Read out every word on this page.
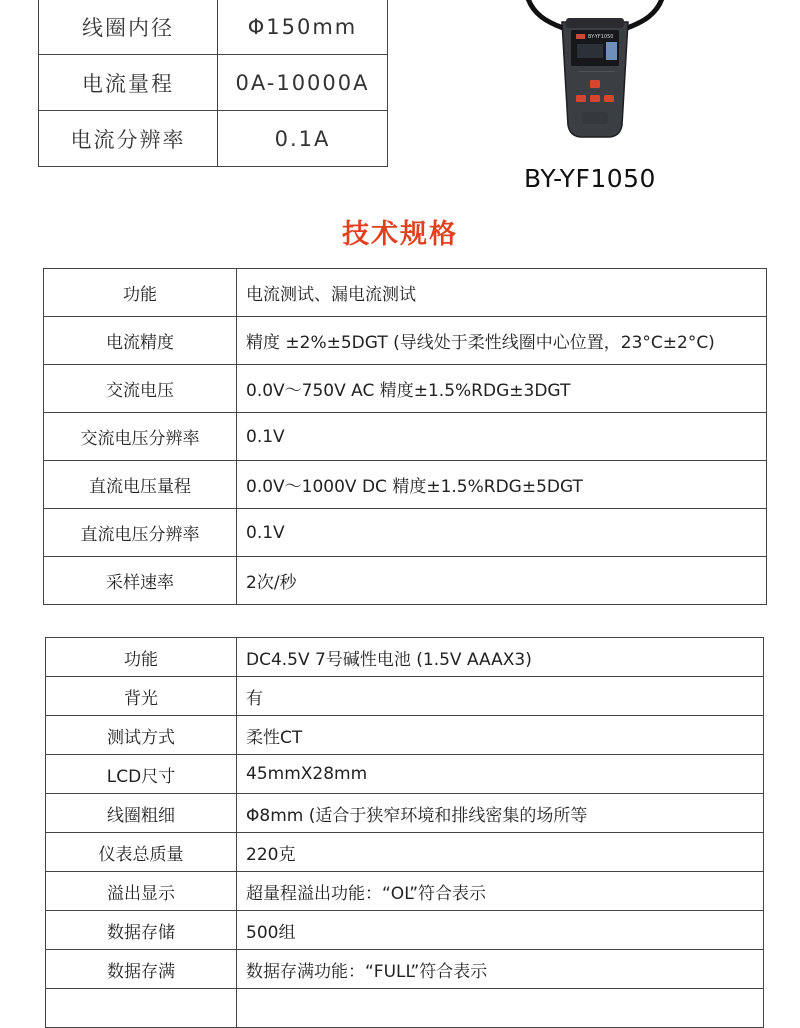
线圈内径	Φ150mm
电流量程	0A-10000A
电流分辨率	0.1A
BY-YF1050
————————————
BY-YF1050
技术规格
功能	电流测试、漏电流测试
电流精度	精度 ±2%±5DGT (导线处于柔性线圈中心位置，23°C±2°C)
交流电压	0.0V～750V AC 精度±1.5%RDG±3DGT
交流电压分辨率	0.1V
直流电压量程	0.0V～1000V DC 精度±1.5%RDG±5DGT
直流电压分辨率	0.1V
采样速率	2次/秒
功能	DC4.5V 7号碱性电池 (1.5V AAAX3)
背光	有
测试方式	柔性CT
LCD尺寸	45mmX28mm
线圈粗细	Φ8mm (适合于狭窄环境和排线密集的场所等
仪表总质量	220克
溢出显示	超量程溢出功能：“OL”符合表示
数据存储	500组
数据存满	数据存满功能：“FULL”符合表示
